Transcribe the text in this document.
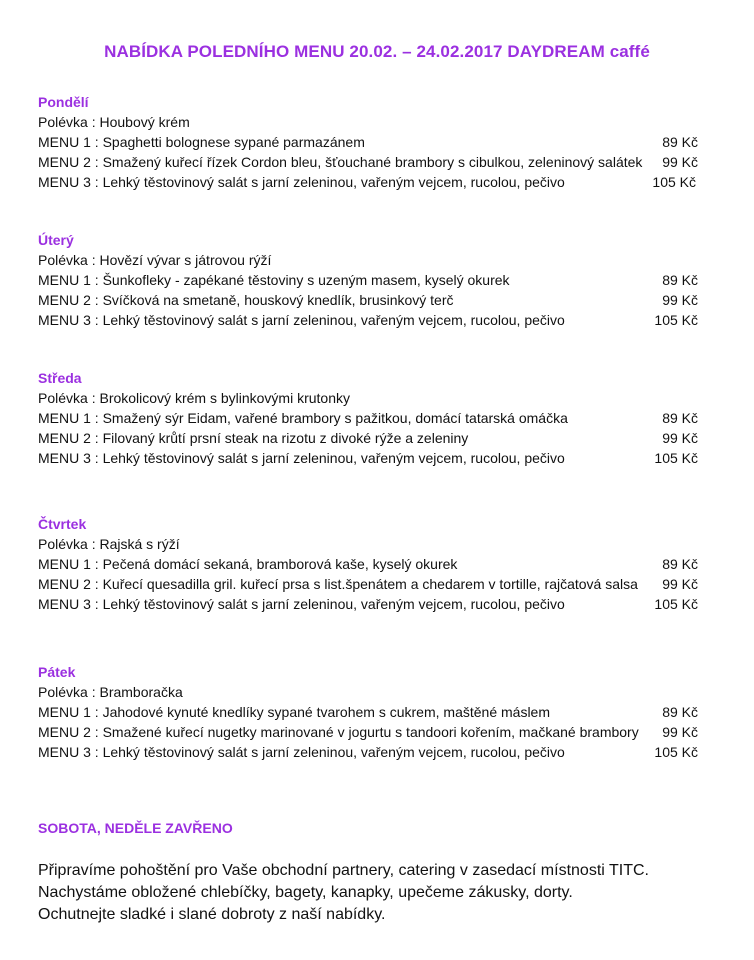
NABÍDKA POLEDNÍHO MENU 20.02. – 24.02.2017 DAYDREAM caffé
Pondělí
Polévka : Houbový krém
MENU 1 : Spaghetti bolognese sypané parmazánem	89 Kč
MENU 2 : Smažený kuřecí řízek Cordon bleu, šťouchané brambory s cibulkou, zeleninový salátek 99 Kč
MENU 3 : Lehký těstovinový salát s jarní zeleninou, vařeným vejcem, rucolou, pečivo	105 Kč
Úterý
Polévka : Hovězí vývar s játrovou rýží
MENU 1 : Šunkofleky - zapékané těstoviny s uzeným masem, kyselý okurek	89 Kč
MENU 2 : Svíčková na smetaně, houskový knedlík, brusinkový terč	99 Kč
MENU 3 : Lehký těstovinový salát s jarní zeleninou, vařeným vejcem, rucolou, pečivo	105 Kč
Středa
Polévka : Brokolicový krém s bylinkovými krutonky
MENU 1 : Smažený sýr Eidam, vařené brambory s pažitkou, domácí tatarská omáčka	89 Kč
MENU 2 : Filovaný krůtí prsní steak na rizotu z divoké rýže a zeleniny	99 Kč
MENU 3 : Lehký těstovinový salát s jarní zeleninou, vařeným vejcem, rucolou, pečivo	105 Kč
Čtvrtek
Polévka : Rajská s rýží
MENU 1 : Pečená domácí sekaná, bramborová kaše, kyselý okurek	89 Kč
MENU 2 : Kuřecí quesadilla gril. kuřecí prsa s list.špenátem a chedarem v tortille, rajčatová salsa 99 Kč
MENU 3 : Lehký těstovinový salát s jarní zeleninou, vařeným vejcem, rucolou, pečivo	105 Kč
Pátek
Polévka : Bramboračka
MENU 1 : Jahodové kynuté knedlíky sypané tvarohem s cukrem, maštěné máslem	89 Kč
MENU 2 : Smažené kuřecí nugetky marinované v jogurtu s tandoori kořením, mačkané brambory 99 Kč
MENU 3 : Lehký těstovinový salát s jarní zeleninou, vařeným vejcem, rucolou, pečivo	105 Kč
SOBOTA, NEDĚLE ZAVŘENO
Připravíme pohoštění pro Vaše obchodní partnery, catering v zasedací místnosti TITC.
Nachystáme obložené chlebíčky, bagety, kanapky, upečeme zákusky, dorty.
Ochutnejte sladké i slané dobroty z naší nabídky.
